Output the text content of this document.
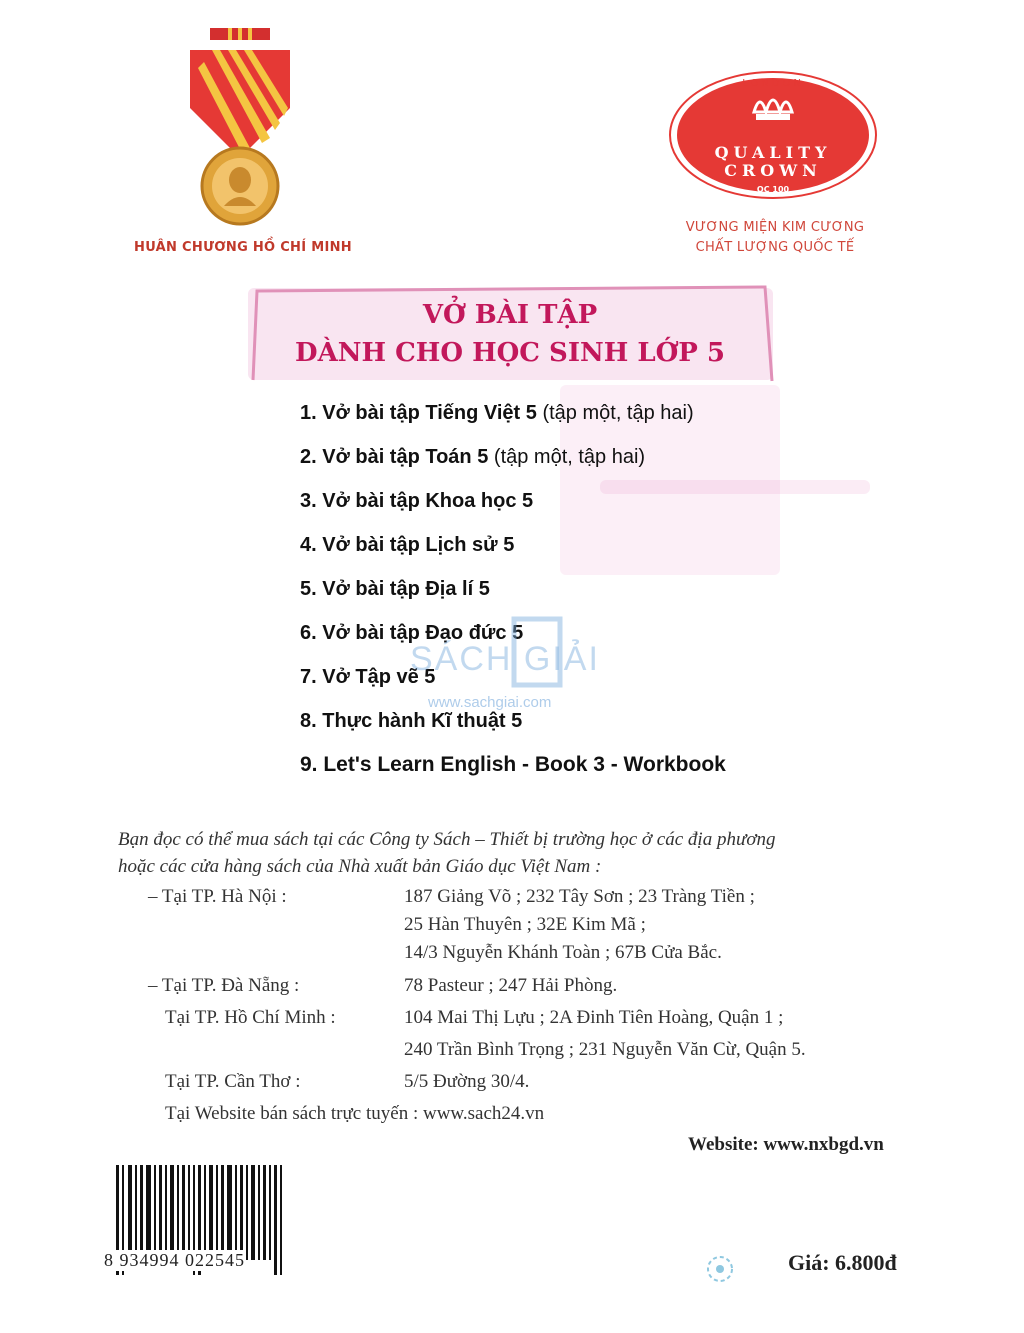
HUÂN CHƯƠNG HỒ CHÍ MINH
QUALITY
CROWN
LONDON
QC 100
VƯƠNG MIỆN KIM CƯƠNG
CHẤT LƯỢNG QUỐC TẾ
VỞ BÀI TẬP
DÀNH CHO HỌC SINH LỚP 5
1. Vở bài tập Tiếng Việt 5 (tập một, tập hai)
2. Vở bài tập Toán 5 (tập một, tập hai)
3. Vở bài tập Khoa học 5
4. Vở bài tập Lịch sử 5
5. Vở bài tập Địa lí 5
6. Vở bài tập Đạo đức 5
7. Vở Tập vẽ 5
8. Thực hành Kĩ thuật 5
9. Let's Learn English - Book 3 - Workbook
SÁCH GIẢI
www.sachgiai.com
Bạn đọc có thể mua sách tại các Công ty Sách – Thiết bị trường học ở các địa phương
hoặc các cửa hàng sách của Nhà xuất bản Giáo dục Việt Nam :
– Tại TP. Hà Nội :	187 Giảng Võ ; 232 Tây Sơn ; 23 Tràng Tiền ;
25 Hàn Thuyên ; 32E Kim Mã ;
14/3 Nguyễn Khánh Toàn ; 67B Cửa Bắc.
– Tại TP. Đà Nẵng :	78 Pasteur ; 247 Hải Phòng.
Tại TP. Hồ Chí Minh :	104 Mai Thị Lựu ; 2A Đinh Tiên Hoàng, Quận 1 ;
240 Trần Bình Trọng ; 231 Nguyễn Văn Cừ, Quận 5.
Tại TP. Cần Thơ :	5/5 Đường 30/4.
Tại Website bán sách trực tuyến : www.sach24.vn
Website: www.nxbgd.vn
8 934994 022545	Giá: 6.800đ
